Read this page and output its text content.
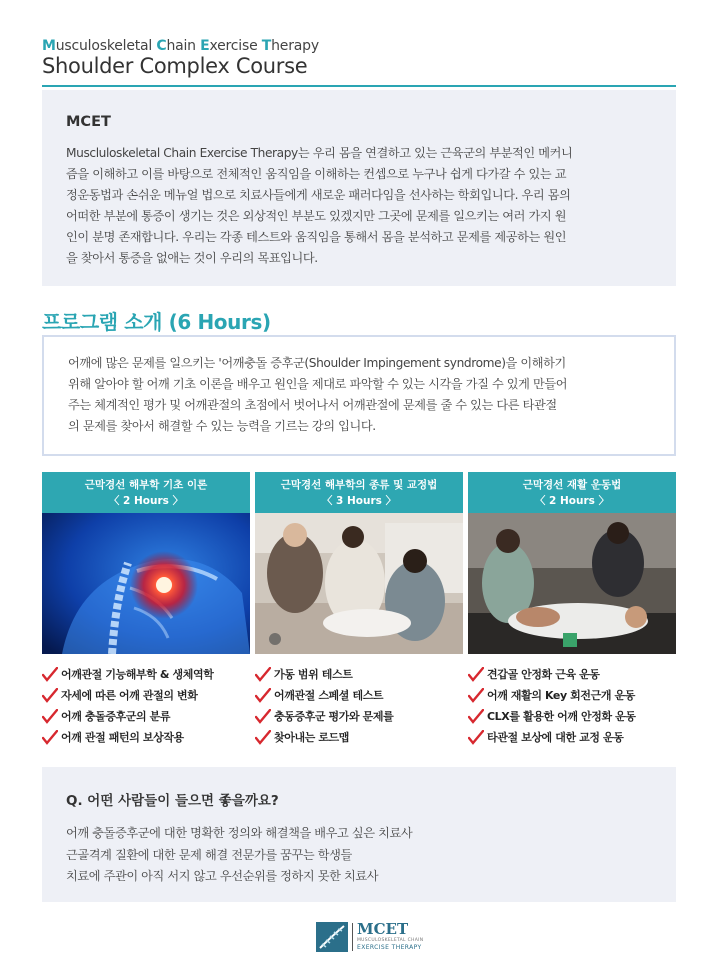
Musculoskeletal Chain Exercise Therapy
Shoulder Complex Course
MCET

Muscluloskeletal Chain Exercise Therapy는 우리 몸을 연결하고 있는 근육군의 부분적인 메커니즘을 이해하고 이를 바탕으로 전체적인 움직임을 이해하는 컨셉으로 누구나 쉽게 다가갈 수 있는 교정운동법과 손쉬운 메뉴얼 법으로 치료사들에게 새로운 패러다임을 선사하는 학회입니다. 우리 몸의 어떠한 부분에 통증이 생기는 것은 외상적인 부분도 있겠지만 그곳에 문제를 일으키는 여러 가지 원인이 분명 존재합니다. 우리는 각종 테스트와 움직임을 통해서 몸을 분석하고 문제를 제공하는 원인을 찾아서 통증을 없애는 것이 우리의 목표입니다.

프로그램 소개 (6 Hours)

어깨에 많은 문제를 일으키는 '어깨충돌 증후군(Shoulder Impingement syndrome)을 이해하기 위해 알아야 할 어깨 기초 이론을 배우고 원인을 제대로 파악할 수 있는 시각을 가질 수 있게 만들어주는 체계적인 평가 및 어깨관절의 초점에서 벗어나서 어깨관절에 문제를 줄 수 있는 다른 타관절의 문제를 찾아서 해결할 수 있는 능력을 기르는 강의 입니다.

근막경선 해부학 기초 이론
〈 2 Hours 〉
어깨관절 기능해부학 & 생체역학
자세에 따른 어깨 관절의 변화
어깨 충돌증후군의 분류
어깨 관절 패턴의 보상작용
근막경선 해부학의 종류 및 교정법
〈 3 Hours 〉
가동 범위 테스트
어깨관절 스페셜 테스트
충동증후군 평가와 문제를
찾아내는 로드맵
근막경선 재활 운동법
〈 2 Hours 〉
견갑골 안정화 근육 운동
어깨 재활의 Key 회전근개 운동
CLX를 활용한 어깨 안정화 운동
타관절 보상에 대한 교정 운동
Q. 어떤 사람들이 들으면 좋을까요?
어깨 충돌증후군에 대한 명확한 정의와 해결책을 배우고 싶은 치료사
근골격계 질환에 대한 문제 해결 전문가를 꿈꾸는 학생들
치료에 주관이 아직 서지 않고 우선순위를 정하지 못한 치료사
MCET
MUSCULOSKELETAL CHAIN
EXERCISE THERAPY
